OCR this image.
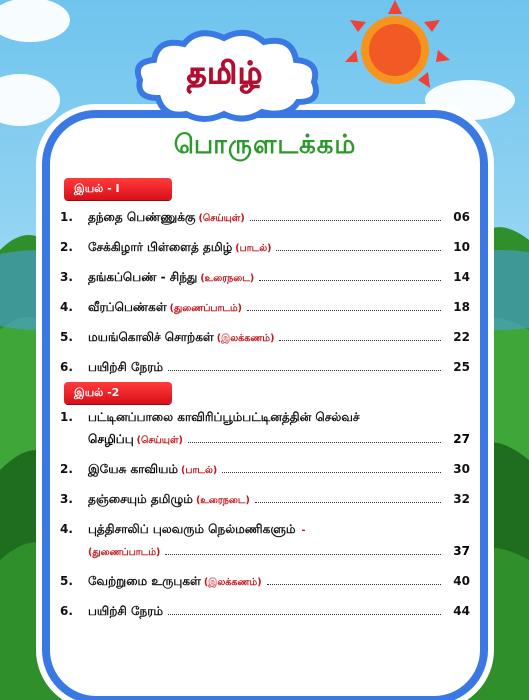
தமிழ்
பொருளடக்கம்
இயல் - I
1.	தந்தை பெண்ணுக்கு (செய்யுள்)	06
2.	சேக்கிழார் பிள்ளைத் தமிழ் (பாடல்)	10
3.	தங்கப்பெண் - சிந்து (உரைநடை)	14
4.	வீரப்பெண்கள் (துணைப்பாடம்)	18
5.	மயங்கொலிச் சொற்கள் (இலக்கணம்)	22
6.	பயிற்சி நேரம்	25
இயல் -2
1.	பட்டினப்பாலை காவிரிப்பூம்பட்டினத்தின் செல்வச்
செழிப்பு (செய்யுள்)	27
2.	இயேசு காவியம் (பாடல்)	30
3.	தஞ்சையும் தமிழும் (உரைநடை)	32
4.	புத்திசாலிப் புலவரும் நெல்மணிகளும் -
(துணைப்பாடம்)	37
5.	வேற்றுமை உருபுகள் (இலக்கணம்)	40
6.	பயிற்சி நேரம்	44
